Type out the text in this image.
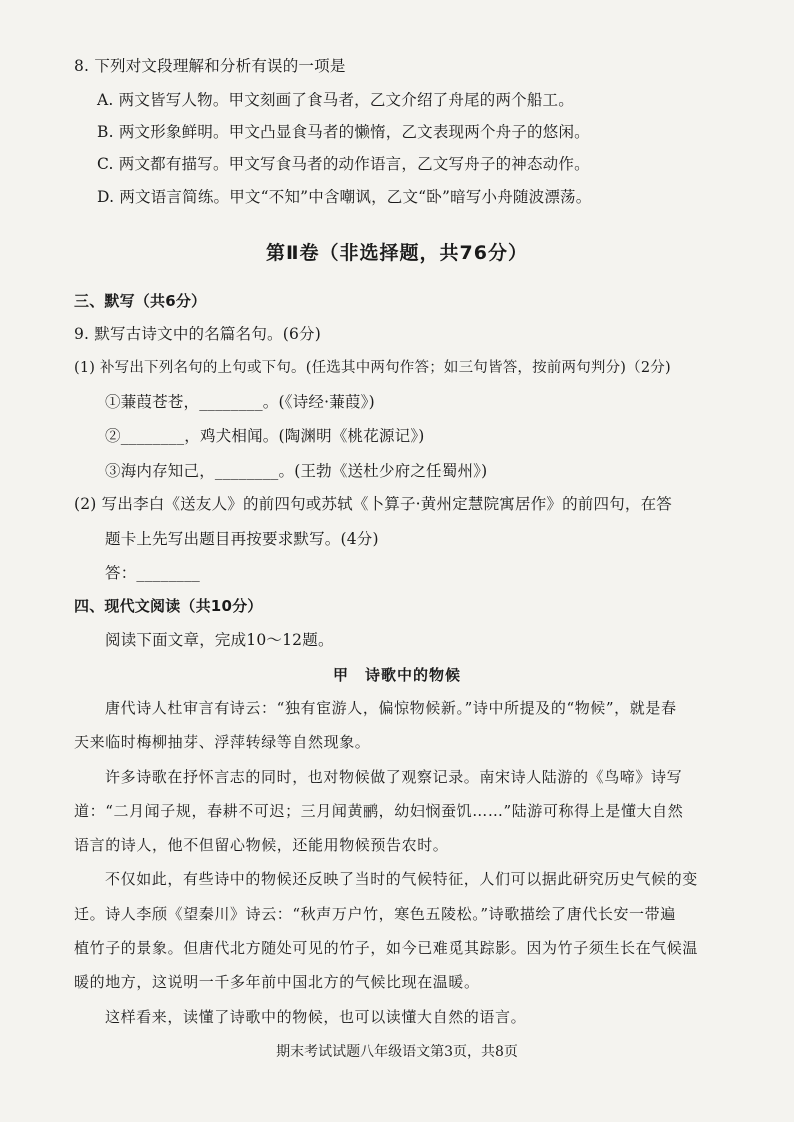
8. 下列对文段理解和分析有误的一项是
A. 两文皆写人物。甲文刻画了食马者，乙文介绍了舟尾的两个船工。
B. 两文形象鲜明。甲文凸显食马者的懒惰，乙文表现两个舟子的悠闲。
C. 两文都有描写。甲文写食马者的动作语言，乙文写舟子的神态动作。
D. 两文语言简练。甲文“不知”中含嘲讽，乙文“卧”暗写小舟随波漂荡。
第Ⅱ卷（非选择题，共76分）
三、默写（共6分）
9. 默写古诗文中的名篇名句。(6分)
(1) 补写出下列名句的上句或下句。(任选其中两句作答；如三句皆答，按前两句判分)（2分)
①蒹葭苍苍，________。(《诗经·蒹葭》)
②________，鸡犬相闻。(陶渊明《桃花源记》)
③海内存知己，________。(王勃《送杜少府之任蜀州》)
(2) 写出李白《送友人》的前四句或苏轼《卜算子·黄州定慧院寓居作》的前四句，在答
题卡上先写出题目再按要求默写。(4分)
答：________
四、现代文阅读（共10分）
阅读下面文章，完成10～12题。
甲　诗歌中的物候
唐代诗人杜审言有诗云：“独有宦游人，偏惊物候新。”诗中所提及的“物候”，就是春
天来临时梅柳抽芽、浮萍转绿等自然现象。
许多诗歌在抒怀言志的同时，也对物候做了观察记录。南宋诗人陆游的《鸟啼》诗写
道：“二月闻子规，春耕不可迟；三月闻黄鹂，幼妇悯蚕饥……”陆游可称得上是懂大自然
语言的诗人，他不但留心物候，还能用物候预告农时。
不仅如此，有些诗中的物候还反映了当时的气候特征，人们可以据此研究历史气候的变
迁。诗人李颀《望秦川》诗云：“秋声万户竹，寒色五陵松。”诗歌描绘了唐代长安一带遍
植竹子的景象。但唐代北方随处可见的竹子，如今已难觅其踪影。因为竹子须生长在气候温
暖的地方，这说明一千多年前中国北方的气候比现在温暖。
这样看来，读懂了诗歌中的物候，也可以读懂大自然的语言。
期末考试试题八年级语文第3页，共8页
